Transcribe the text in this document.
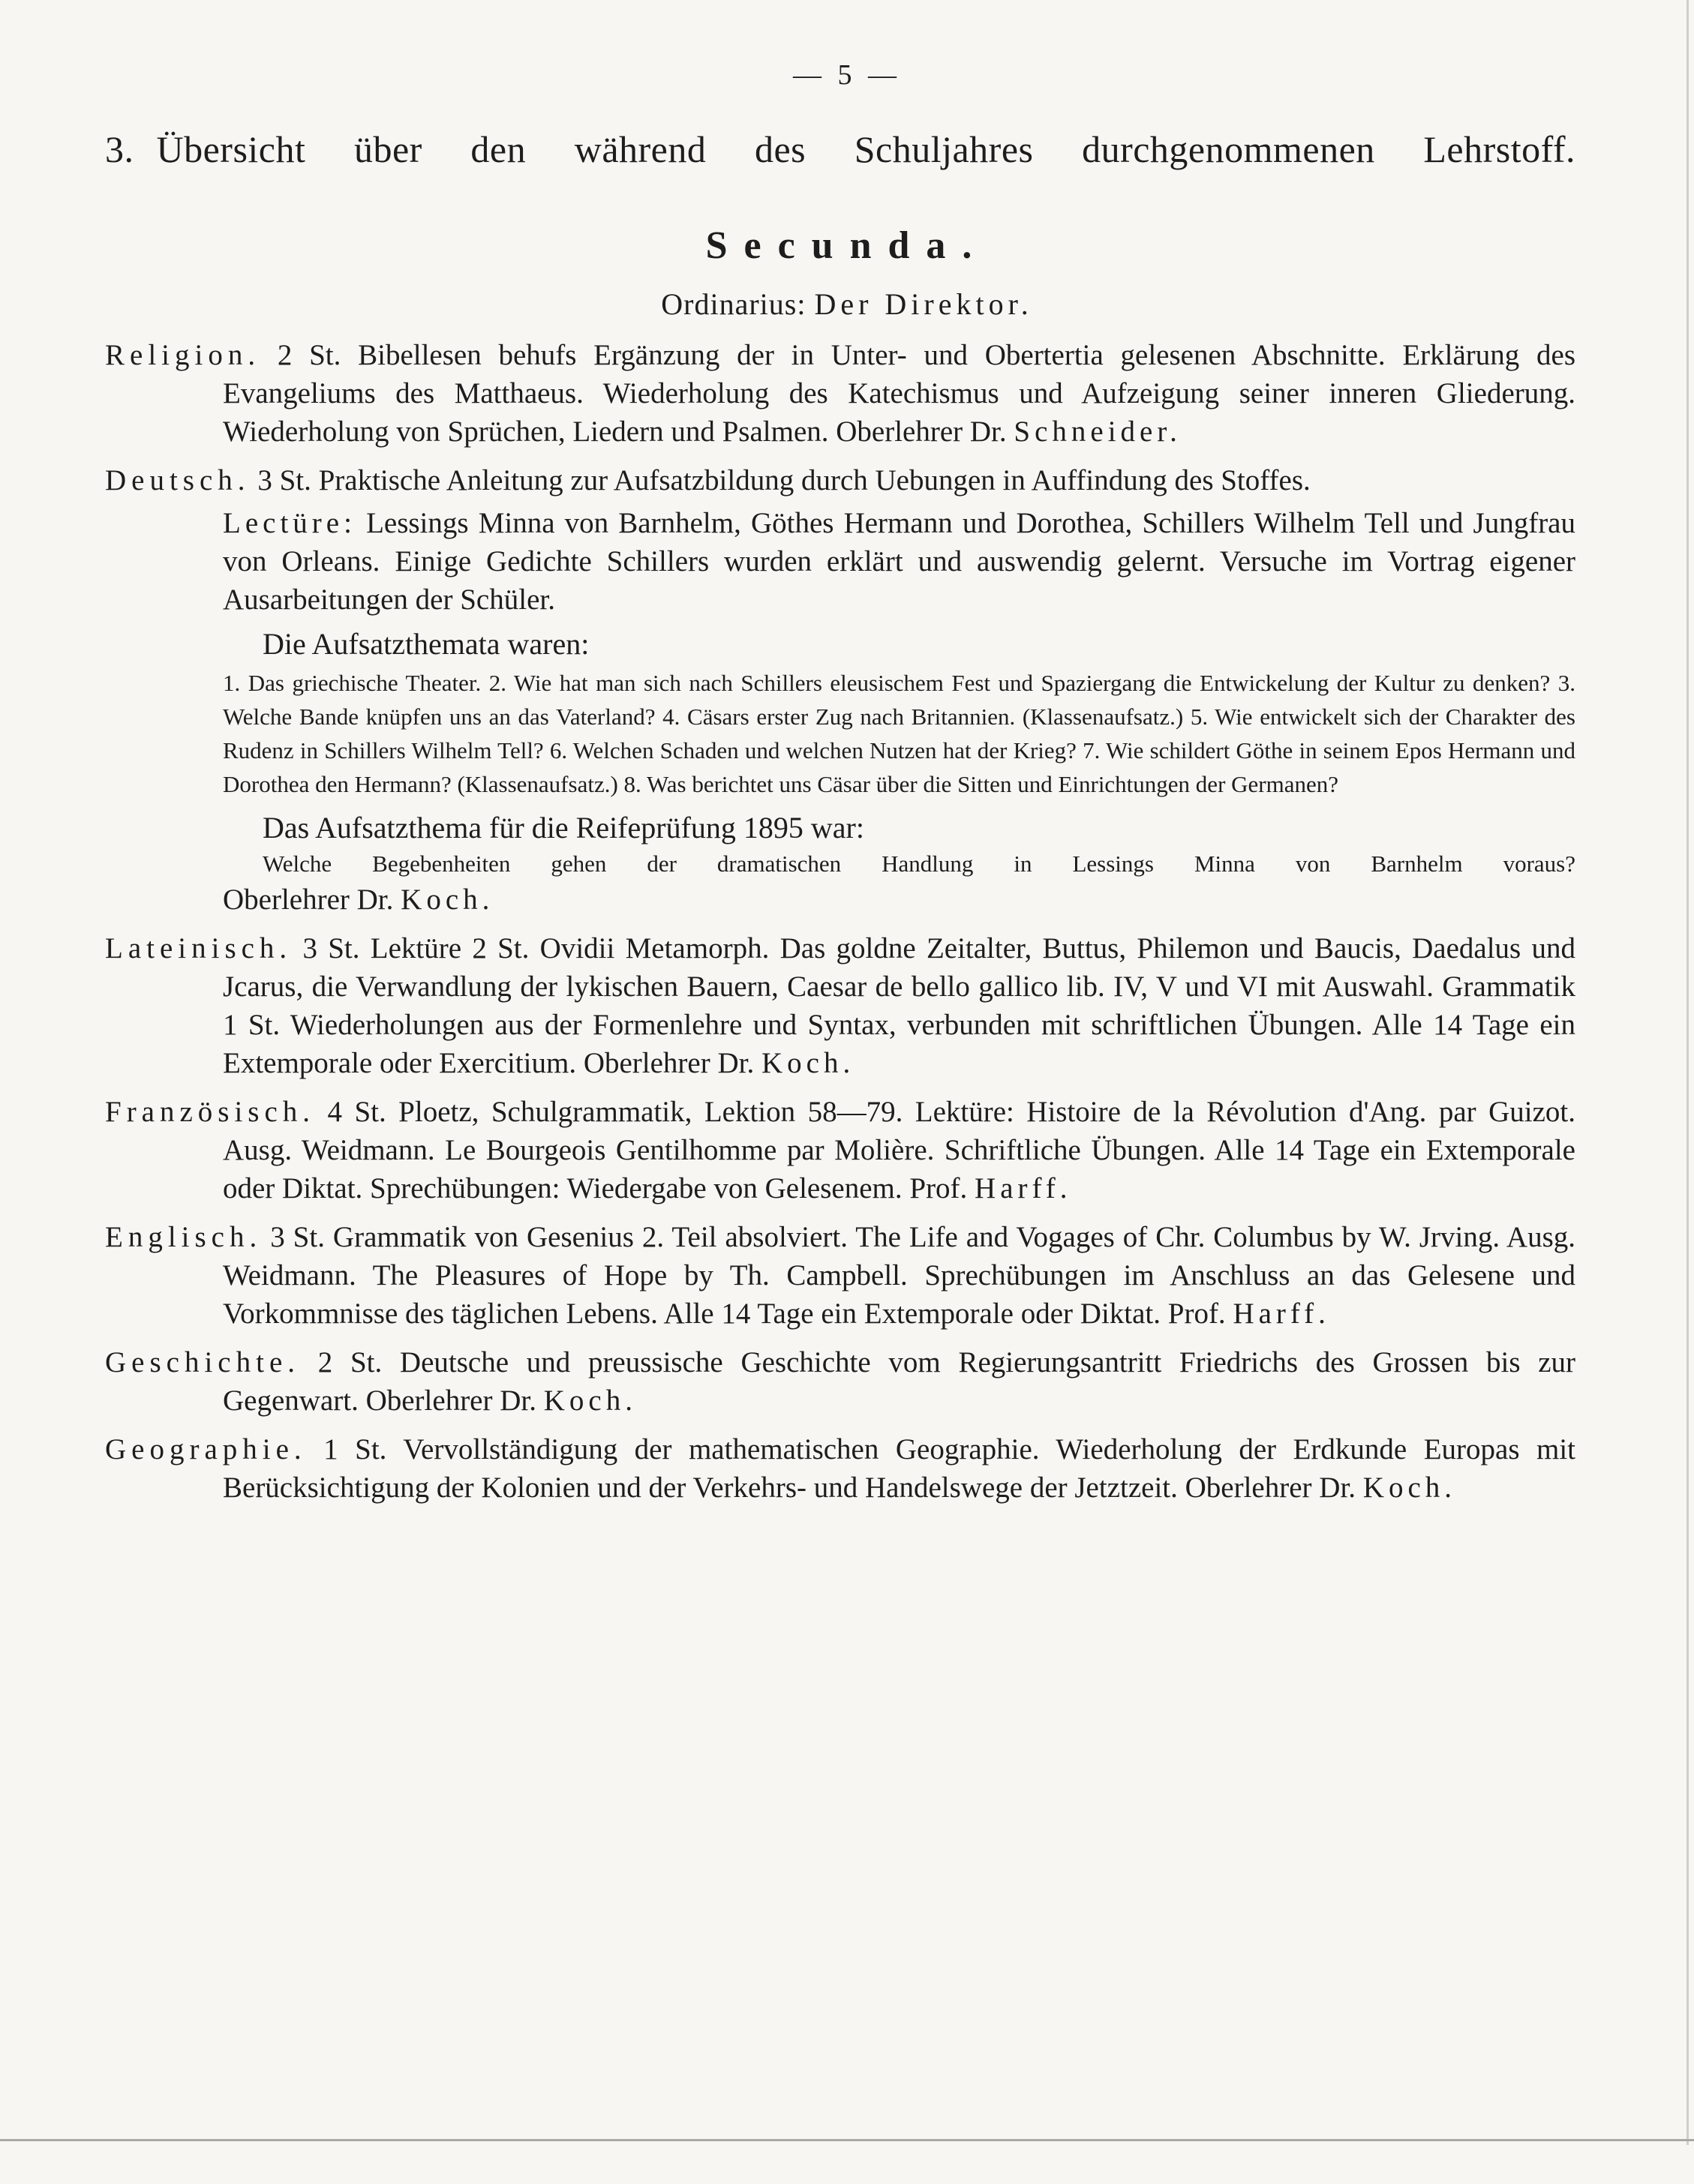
— 5 —
3. Übersicht über den während des Schuljahres durchgenommenen Lehrstoff.
Secunda.
Ordinarius: Der Direktor.

Religion. 2 St. Bibellesen behufs Ergänzung der in Unter- und Obertertia gelesenen Abschnitte. Erklärung des Evangeliums des Matthaeus. Wiederholung des Katechismus und Aufzeigung seiner inneren Gliederung. Wiederholung von Sprüchen, Liedern und Psalmen. Oberlehrer Dr. Schneider.

Deutsch. 3 St. Praktische Anleitung zur Aufsatzbildung durch Uebungen in Auffindung des Stoffes.

Lectüre: Lessings Minna von Barnhelm, Göthes Hermann und Dorothea, Schillers Wilhelm Tell und Jungfrau von Orleans. Einige Gedichte Schillers wurden erklärt und auswendig gelernt. Versuche im Vortrag eigener Ausarbeitungen der Schüler.

Die Aufsatzthemata waren:

1. Das griechische Theater. 2. Wie hat man sich nach Schillers eleusischem Fest und Spaziergang die Entwickelung der Kultur zu denken? 3. Welche Bande knüpfen uns an das Vaterland? 4. Cäsars erster Zug nach Britannien. (Klassenaufsatz.) 5. Wie entwickelt sich der Charakter des Rudenz in Schillers Wilhelm Tell? 6. Welchen Schaden und welchen Nutzen hat der Krieg? 7. Wie schildert Göthe in seinem Epos Hermann und Dorothea den Hermann? (Klassenaufsatz.) 8. Was berichtet uns Cäsar über die Sitten und Einrichtungen der Germanen?

Das Aufsatzthema für die Reifeprüfung 1895 war:

Welche Begebenheiten gehen der dramatischen Handlung in Lessings Minna von Barnhelm voraus?

Oberlehrer Dr. Koch.

Lateinisch. 3 St. Lektüre 2 St. Ovidii Metamorph. Das goldne Zeitalter, Buttus, Philemon und Baucis, Daedalus und Jcarus, die Verwandlung der lykischen Bauern, Caesar de bello gallico lib. IV, V und VI mit Auswahl. Grammatik 1 St. Wiederholungen aus der Formenlehre und Syntax, verbunden mit schriftlichen Übungen. Alle 14 Tage ein Extemporale oder Exercitium. Oberlehrer Dr. Koch.

Französisch. 4 St. Ploetz, Schulgrammatik, Lektion 58—79. Lektüre: Histoire de la Révolution d'Ang. par Guizot. Ausg. Weidmann. Le Bourgeois Gentilhomme par Molière. Schriftliche Übungen. Alle 14 Tage ein Extemporale oder Diktat. Sprechübungen: Wiedergabe von Gelesenem. Prof. Harff.

Englisch. 3 St. Grammatik von Gesenius 2. Teil absolviert. The Life and Vogages of Chr. Columbus by W. Jrving. Ausg. Weidmann. The Pleasures of Hope by Th. Campbell. Sprechübungen im Anschluss an das Gelesene und Vorkommnisse des täglichen Lebens. Alle 14 Tage ein Extemporale oder Diktat. Prof. Harff.

Geschichte. 2 St. Deutsche und preussische Geschichte vom Regierungsantritt Friedrichs des Grossen bis zur Gegenwart. Oberlehrer Dr. Koch.

Geographie. 1 St. Vervollständigung der mathematischen Geographie. Wiederholung der Erdkunde Europas mit Berücksichtigung der Kolonien und der Verkehrs- und Handelswege der Jetztzeit. Oberlehrer Dr. Koch.
